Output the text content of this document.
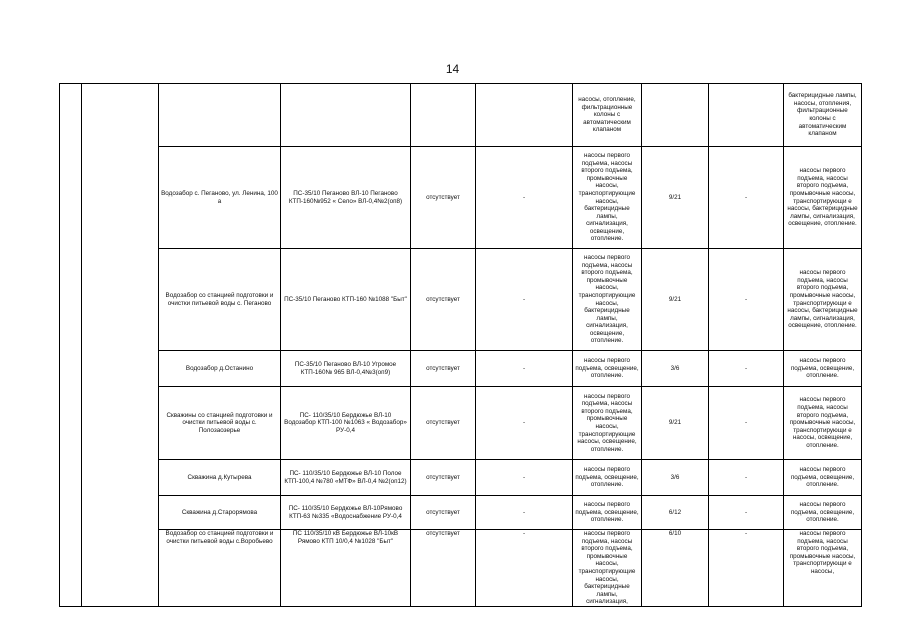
14
						насосы, отопление, фильтрационные колоны с автоматическим клапаном			бактерицидные лампы, насосы, отопления, фильтрационные колоны с автоматическим клапаном	
		Водозабор с. Пеганово, ул. Ленина, 100 а	ПС-35/10 Пеганово ВЛ-10 Пеганово КТП-160№952 « Село» ВЛ-0,4№2(оп8)	отсутствует	-	насосы первого подъема, насосы второго подъема, промывочные насосы, транспортирующие насосы, бактерицидные лампы, сигнализация, освещение, отопление.	9/21	-	насосы первого подъема, насосы второго подъема, промывочные насосы, транспортирующи е насосы, бактерицидные лампы, сигнализация, освещение, отопление.	
		Водозабор со станцией подготовки и очистки питьевой воды с. Пеганово	ПС-35/10 Пеганово КТП-160 №1088 "Быт"	отсутствует	-	насосы первого подъема, насосы второго подъема, промывочные насосы, транспортирующие насосы, бактерицидные лампы, сигнализация, освещение, отопление.	9/21	-	насосы первого подъема, насосы второго подъема, промывочные насосы, транспортирующи е насосы, бактерицидные лампы, сигнализация, освещение, отопление.	
		Водозабор д.Останино	ПС-35/10 Пеганово ВЛ-10 Угромое КТП-160№ 965 ВЛ-0,4№3(оп9)	отсутствует	-	насосы первого подъема, освещение, отопление.	3/6	-	насосы первого подъема, освещение, отопление.	
		Скважины со станцией подготовки и очистки питьевой воды с. Полозаозерье	ПС- 110/35/10 Бердюжье ВЛ-10 Водозабор КТП-100 №1063 « Водозабор» РУ-0,4	отсутствует	-	насосы первого подъема, насосы второго подъема, промывочные насосы, транспортирующие насосы, освещение, отопление.	9/21	-	насосы первого подъема, насосы второго подъема, промывочные насосы, транспортирующи е насосы, освещение, отопление.	
		Скважина д.Кутырева	ПС- 110/35/10 Бердюжье ВЛ-10 Полое КТП-100,4 №780 «МТФ» ВЛ-0,4 №2(оп12)	отсутствует	-	насосы первого подъема, освещение, отопление.	3/6	-	насосы первого подъема, освещение, отопление.	
		Скважина д.Старорямова	ПС- 110/35/10 Бердюжье ВЛ-10Рямово КТП-63 №335 «Водоснабжение РУ-0,4	отсутствует	-	насосы первого подъема, освещение, отопление.	6/12	-	насосы первого подъема, освещение, отопление.	
		Водозабор со станцией подготовки и очистки питьевой воды с.Воробьево	ПС 110/35/10 кВ Бердюжье ВЛ-10кВ Рямово КТП 10/0,4 №1028 "Быт"	отсутствует	-	насосы первого подъема, насосы второго подъема, промывочные насосы, транспортирующие насосы, бактерицидные лампы, сигнализация,	6/10	-	насосы первого подъема, насосы второго подъема, промывочные насосы, транспортирующи е насосы,	
